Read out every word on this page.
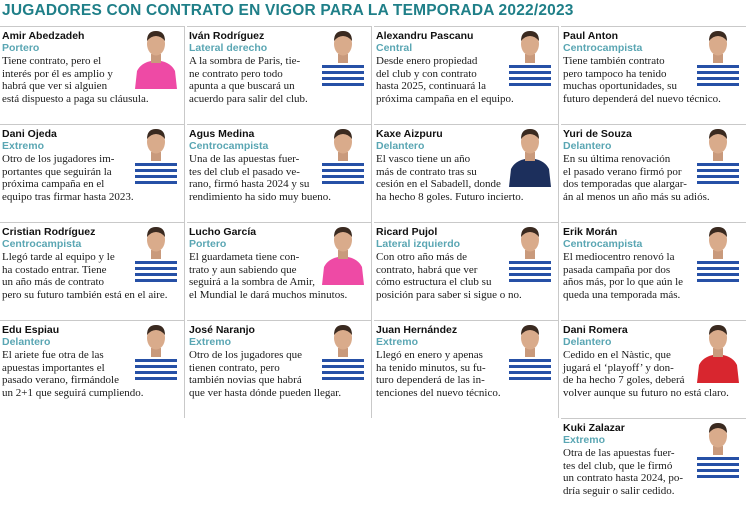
JUGADORES CON CONTRATO EN VIGOR PARA LA TEMPORADA 2022/2023
Amir Abedzadeh
Portero
Tiene contrato, pero el
interés por él es amplio y
habrá que ver si alguien
está dispuesto a paga su cláusula.
Iván Rodríguez
Lateral derecho
A la sombra de Paris, tie-
ne contrato pero todo
apunta a que buscará un
acuerdo para salir del club.
Alexandru Pascanu
Central
Desde enero propiedad
del club y con contrato
hasta 2025, continuará la
próxima campaña en el equipo.
Paul Anton
Centrocampista
Tiene también contrato
pero tampoco ha tenido
muchas oportunidades, su
futuro dependerá del nuevo técnico.
Dani Ojeda
Extremo
Otro de los jugadores im-
portantes que seguirán la
próxima campaña en el
equipo tras firmar hasta 2023.
Agus Medina
Centrocampista
Una de las apuestas fuer-
tes del club el pasado ve-
rano, firmó hasta 2024 y su
rendimiento ha sido muy bueno.
Kaxe Aizpuru
Delantero
El vasco tiene un año
más de contrato tras su
cesión en el Sabadell, donde
ha hecho 8 goles. Futuro incierto.
Yuri de Souza
Delantero
En su última renovación
el pasado verano firmó por
dos temporadas que alargar-
án al menos un año más su adiós.
Cristian Rodríguez
Centrocampista
Llegó tarde al equipo y le
ha costado entrar. Tiene
un año más de contrato
pero su futuro también está en el aire.
Lucho García
Portero
El guardameta tiene con-
trato y aun sabiendo que
seguirá a la sombra de Amir,
el Mundial le dará muchos minutos.
Ricard Pujol
Lateral izquierdo
Con otro año más de
contrato, habrá que ver
cómo estructura el club su
posición para saber si sigue o no.
Erik Morán
Centrocampista
El mediocentro renovó la
pasada campaña por dos
años más, por lo que aún le
queda una temporada más.
Edu Espiau
Delantero
El ariete fue otra de las
apuestas importantes el
pasado verano, firmándole
un 2+1 que seguirá cumpliendo.
José Naranjo
Extremo
Otro de los jugadores que
tienen contrato, pero
también novias que habrá
que ver hasta dónde pueden llegar.
Juan Hernández
Extremo
Llegó en enero y apenas
ha tenido minutos, su fu-
turo dependerá de las in-
tenciones del nuevo técnico.
Dani Romera
Delantero
Cedido en el Nàstic, que
jugará el ‘playoff’ y don-
de ha hecho 7 goles, deberá
volver aunque su futuro no está claro.
Kuki Zalazar
Extremo
Otra de las apuestas fuer-
tes del club, que le firmó
un contrato hasta 2024, po-
dría seguir o salir cedido.
